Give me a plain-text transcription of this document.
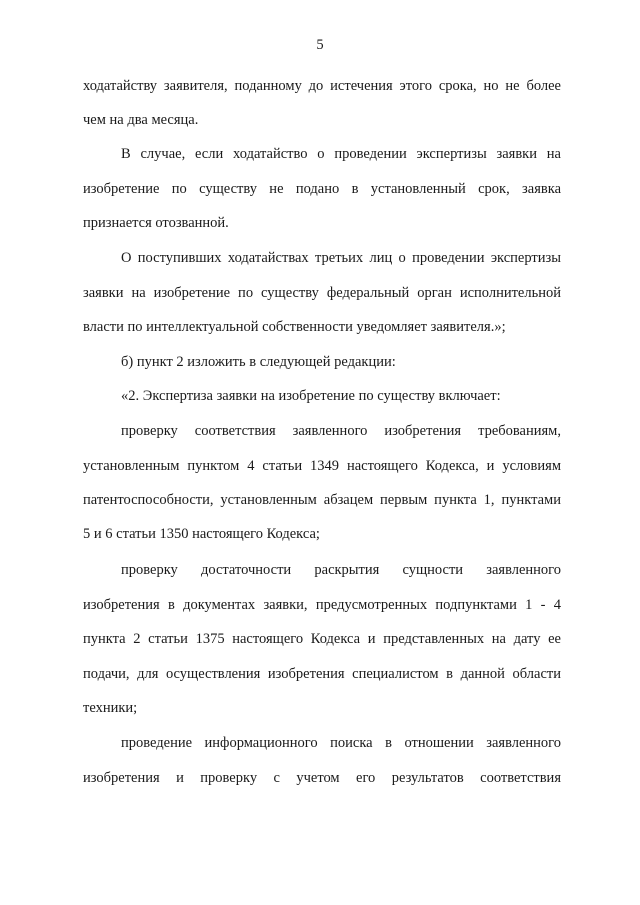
5
ходатайству заявителя, поданному до истечения этого срока, но не более
чем на два месяца.
В случае, если ходатайство о проведении экспертизы заявки на
изобретение по существу не подано в установленный срок, заявка
признается отозванной.
О поступивших ходатайствах третьих лиц о проведении экспертизы
заявки на изобретение по существу федеральный орган исполнительной
власти по интеллектуальной собственности уведомляет заявителя.»;
б) пункт 2 изложить в следующей редакции:
«2. Экспертиза заявки на изобретение по существу включает:
проверку соответствия заявленного изобретения требованиям,
установленным пунктом 4 статьи 1349 настоящего Кодекса, и условиям
патентоспособности, установленным абзацем первым пункта 1, пунктами
5 и 6 статьи 1350 настоящего Кодекса;
проверку достаточности раскрытия сущности заявленного
изобретения в документах заявки, предусмотренных подпунктами 1 - 4
пункта 2 статьи 1375 настоящего Кодекса и представленных на дату ее
подачи, для осуществления изобретения специалистом в данной области
техники;
проведение информационного поиска в отношении заявленного
изобретения и проверку с учетом его результатов соответствия
